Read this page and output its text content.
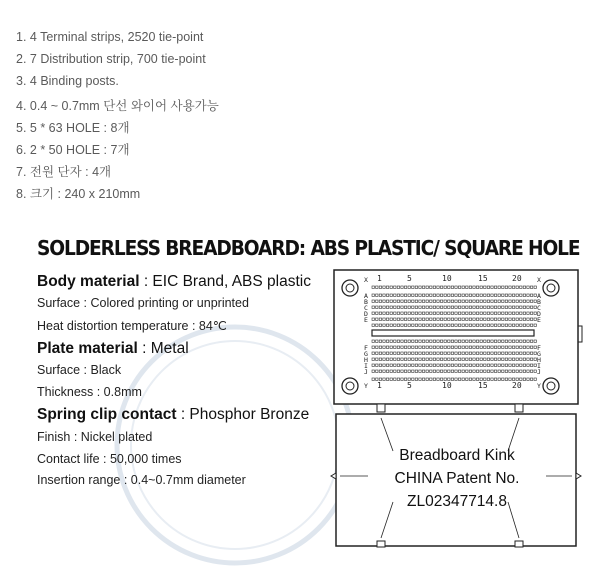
1. 4 Terminal strips, 2520 tie-point
2. 7 Distribution strip, 700 tie-point
3. 4 Binding posts.
4. 0.4 ~ 0.7mm 단선 와이어 사용가능
5. 5 * 63 HOLE : 8개
6. 2 * 50 HOLE : 7개
7. 전원 단자 : 4개
8. 크기 : 240 x 210mm
SOLDERLESS BREADBOARD: ABS PLASTIC/ SQUARE HOLE
Body material : EIC Brand, ABS plastic
Surface : Colored printing or unprinted
Heat distortion temperature : 84℃
Plate material : Metal
Surface : Black
Thickness : 0.8mm
Spring clip contact : Phosphor Bronze
Finish : Nickel plated
Contact life : 50,000 times
Insertion range : 0.4~0.7mm diameter
1	5	10	15	20
1	5	10	15	20
X
A
B
C
D
E
F
G
H
I
J
Y
X
A
B
C
D
E
F
G
H
I
J
Y
Breadboard Kink
CHINA Patent No.
ZL02347714.8
